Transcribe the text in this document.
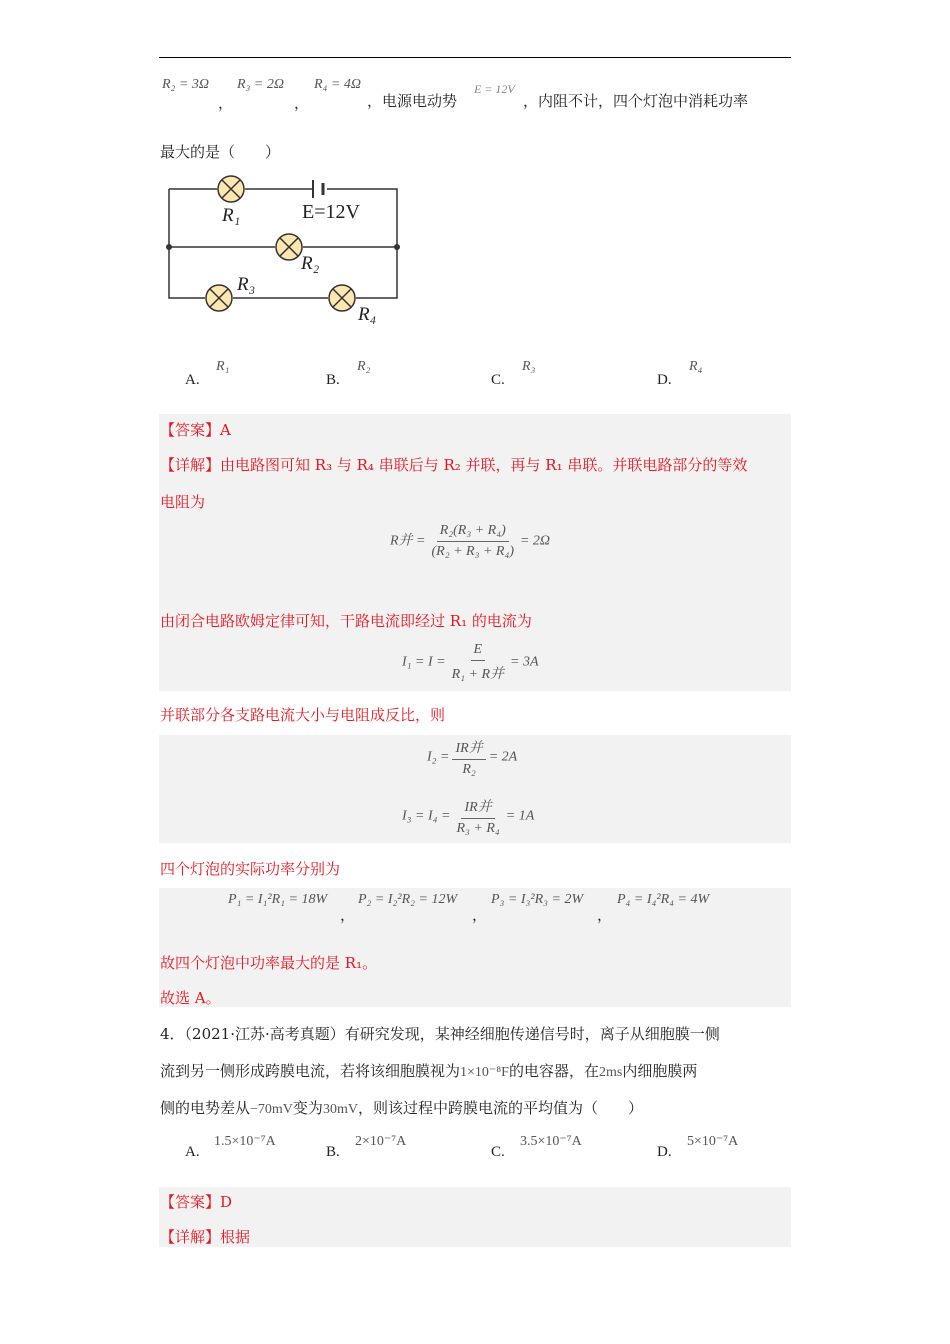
R₂ = 3Ω
，
R₃ = 2Ω
，
R₄ = 4Ω
，电源电动势
E = 12V
，内阻不计，四个灯泡中消耗功率
最大的是（　　）
R₁	E=12V
R₂
R₃
R₄
A.
R₁
B.
R₂
C.
R₃
D.
R₄
【答案】A
【详解】由电路图可知 R₃ 与 R₄ 串联后与 R₂ 并联，再与 R₁ 串联。并联电路部分的等效
电阻为
R并 = $\frac{\text{R₂(R₃ + R₄)}}{\text{(R₂ + R₃ + R₄)}} = 2\Omega$
由闭合电路欧姆定律可知，干路电流即经过 R₁ 的电流为
$I_1 = I = \frac{E}{\text{R₁ + R并}} = 3A$
并联部分各支路电流大小与电阻成反比，则
$I_2 = \frac{\text{IR并}}{\text{R₂}} = 2A$
$I_3 = I_4 = \frac{\text{IR并}}{\text{R₃ + R₄}} = 1A$
四个灯泡的实际功率分别为
P₁ = I₁²R₁ = 18W
，
P₂ = I₂²R₂ = 12W
，
P₃ = I₃²R₃ = 2W
，
P₄ = I₄²R₄ = 4W
故四个灯泡中功率最大的是 R₁。
故选 A。
4．（2021·江苏·高考真题）有研究发现，某神经细胞传递信号时，离子从细胞膜一侧
流到另一侧形成跨膜电流，若将该细胞膜视为1×10⁻⁸F的电容器，在2ms内细胞膜两
侧的电势差从−70mV变为30mV，则该过程中跨膜电流的平均值为（　　）
A.
1.5×10⁻⁷A
B.
2×10⁻⁷A
C.
3.5×10⁻⁷A
D.
5×10⁻⁷A
【答案】D
【详解】根据
